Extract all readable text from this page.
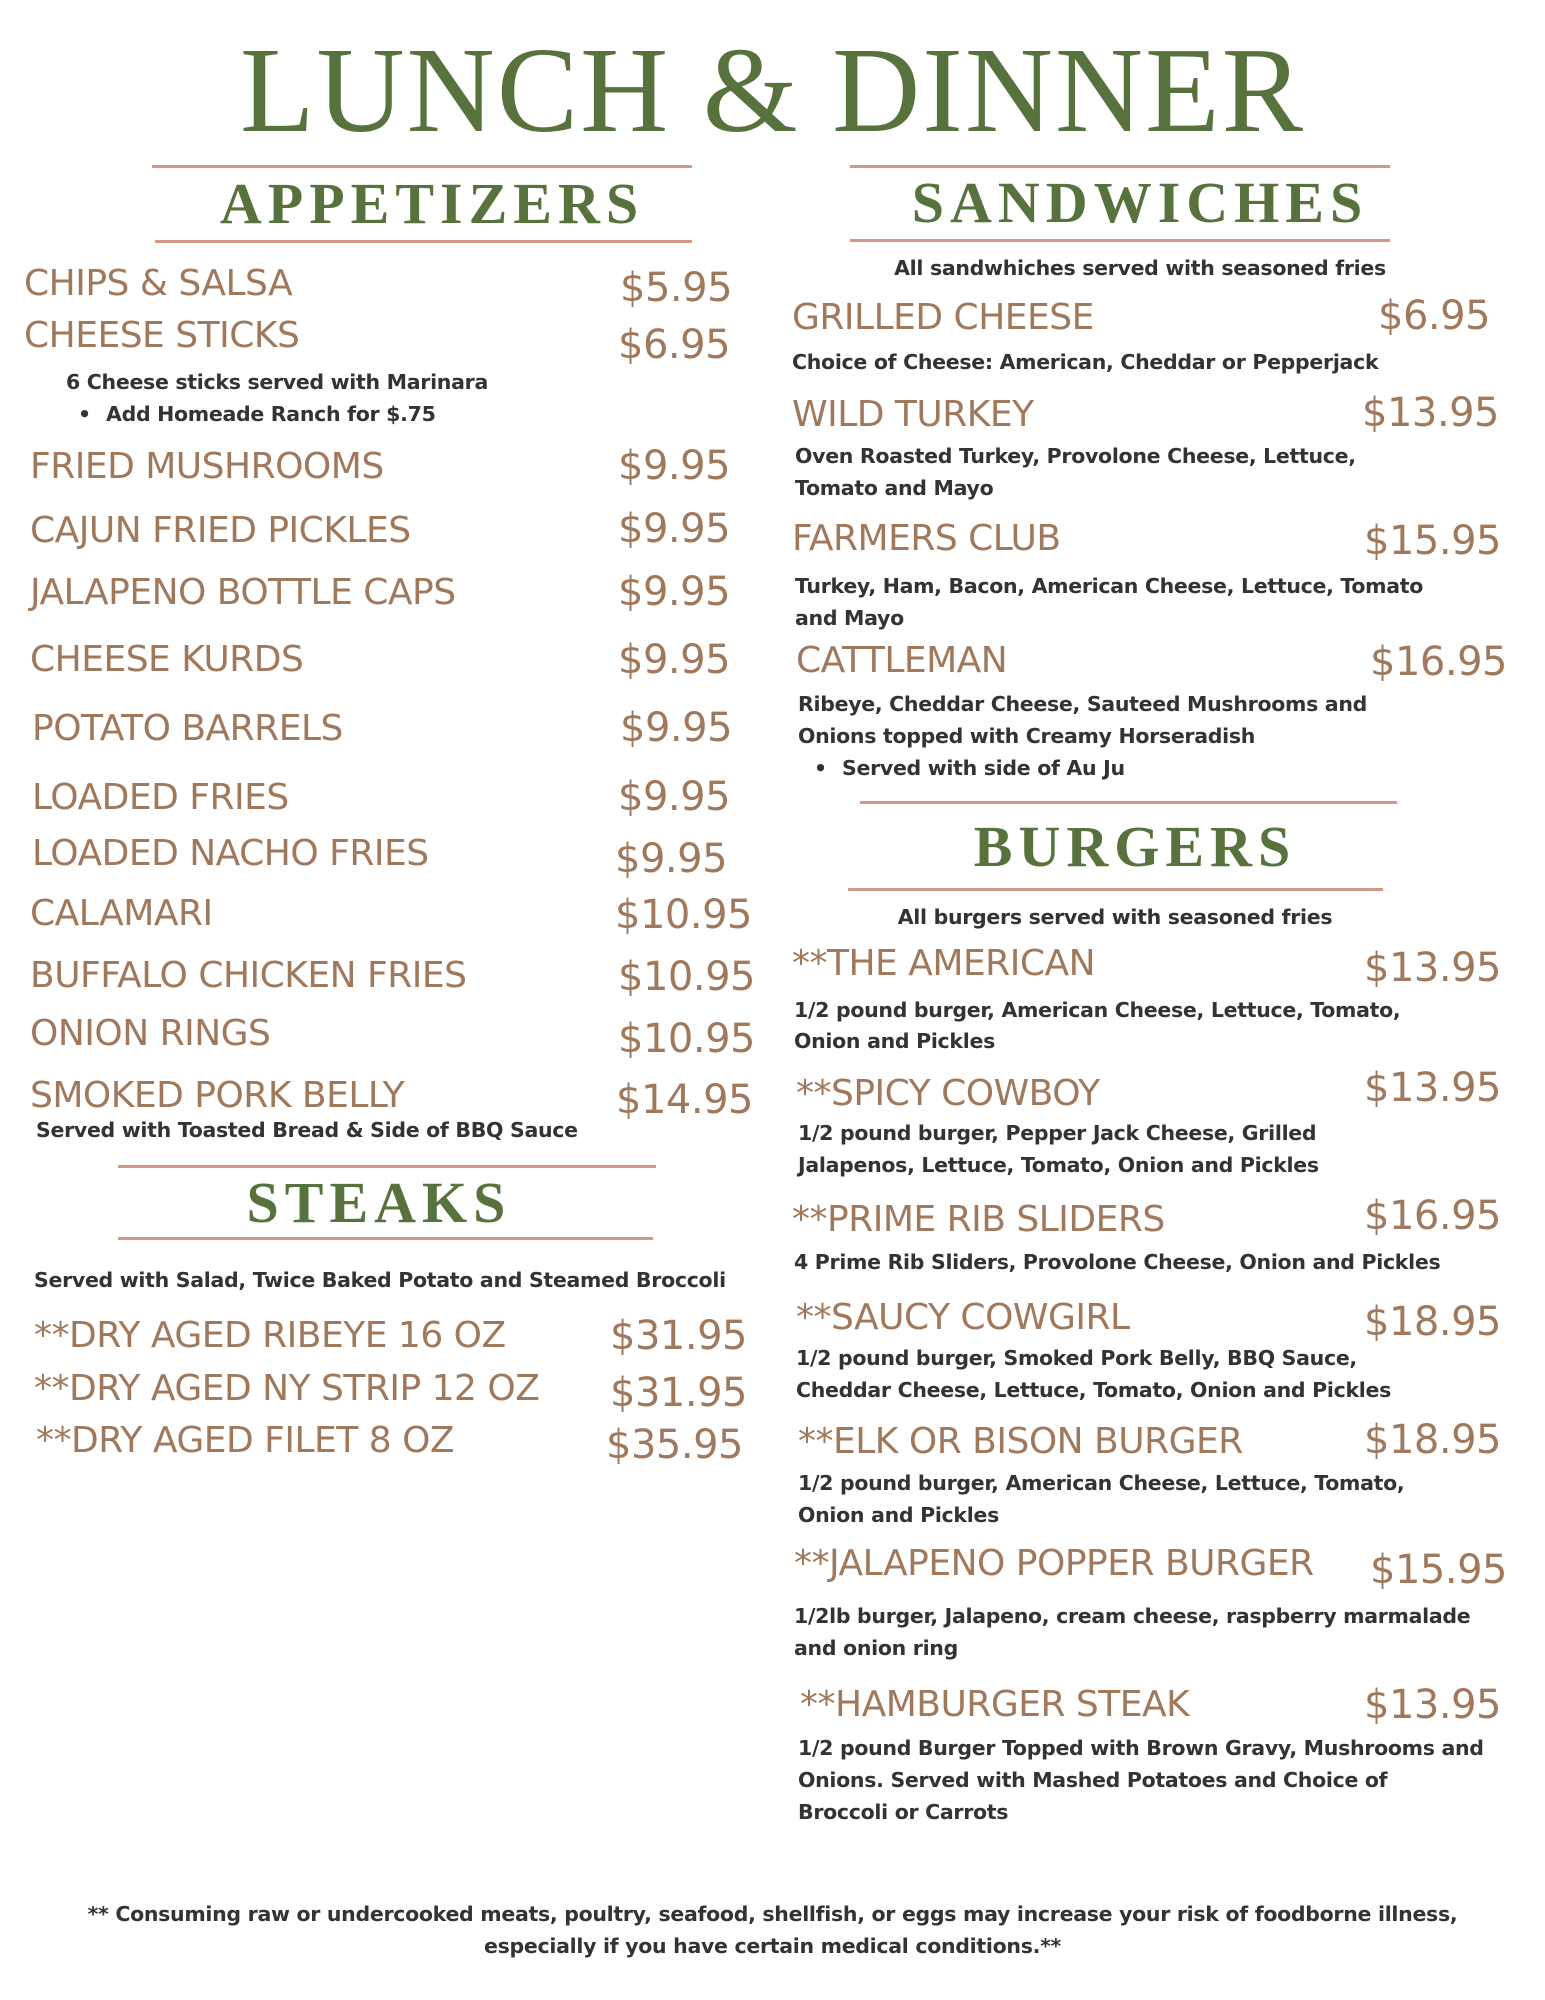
LUNCH & DINNER
APPETIZERS
CHIPS & SALSA	$5.95
CHEESE STICKS	$6.95
6 Cheese sticks served with Marinara
• Add Homeade Ranch for $.75
FRIED MUSHROOMS	$9.95
CAJUN FRIED PICKLES	$9.95
JALAPENO BOTTLE CAPS	$9.95
CHEESE KURDS	$9.95
POTATO BARRELS	$9.95
LOADED FRIES	$9.95
LOADED NACHO FRIES	$9.95
CALAMARI	$10.95
BUFFALO CHICKEN FRIES	$10.95
ONION RINGS	$10.95
SMOKED PORK BELLY	$14.95
Served with Toasted Bread & Side of BBQ Sauce
STEAKS
Served with Salad, Twice Baked Potato and Steamed Broccoli
**DRY AGED RIBEYE 16 OZ	$31.95
**DRY AGED NY STRIP 12 OZ $31.95
**DRY AGED FILET 8 OZ	$35.95
SANDWICHES
All sandwhiches served with seasoned fries
GRILLED CHEESE	$6.95
Choice of Cheese: American, Cheddar or Pepperjack
WILD TURKEY	$13.95
Oven Roasted Turkey, Provolone Cheese, Lettuce,
Tomato and Mayo
FARMERS CLUB	$15.95
Turkey, Ham, Bacon, American Cheese, Lettuce, Tomato
and Mayo
CATTLEMAN	$16.95
Ribeye, Cheddar Cheese, Sauteed Mushrooms and
Onions topped with Creamy Horseradish
• Served with side of Au Ju
BURGERS
All burgers served with seasoned fries
**THE AMERICAN	$13.95
1/2 pound burger, American Cheese, Lettuce, Tomato,
Onion and Pickles
**SPICY COWBOY	$13.95
1/2 pound burger, Pepper Jack Cheese, Grilled
Jalapenos, Lettuce, Tomato, Onion and Pickles
**PRIME RIB SLIDERS	$16.95
4 Prime Rib Sliders, Provolone Cheese, Onion and Pickles
**SAUCY COWGIRL	$18.95
1/2 pound burger, Smoked Pork Belly, BBQ Sauce,
Cheddar Cheese, Lettuce, Tomato, Onion and Pickles
**ELK OR BISON BURGER	$18.95
1/2 pound burger, American Cheese, Lettuce, Tomato,
Onion and Pickles
**JALAPENO POPPER BURGER $15.95
1/2lb burger, Jalapeno, cream cheese, raspberry marmalade
and onion ring
**HAMBURGER STEAK	$13.95
1/2 pound Burger Topped with Brown Gravy, Mushrooms and
Onions. Served with Mashed Potatoes and Choice of
Broccoli or Carrots
** Consuming raw or undercooked meats, poultry, seafood, shellfish, or eggs may increase your risk of foodborne illness,
especially if you have certain medical conditions.**
